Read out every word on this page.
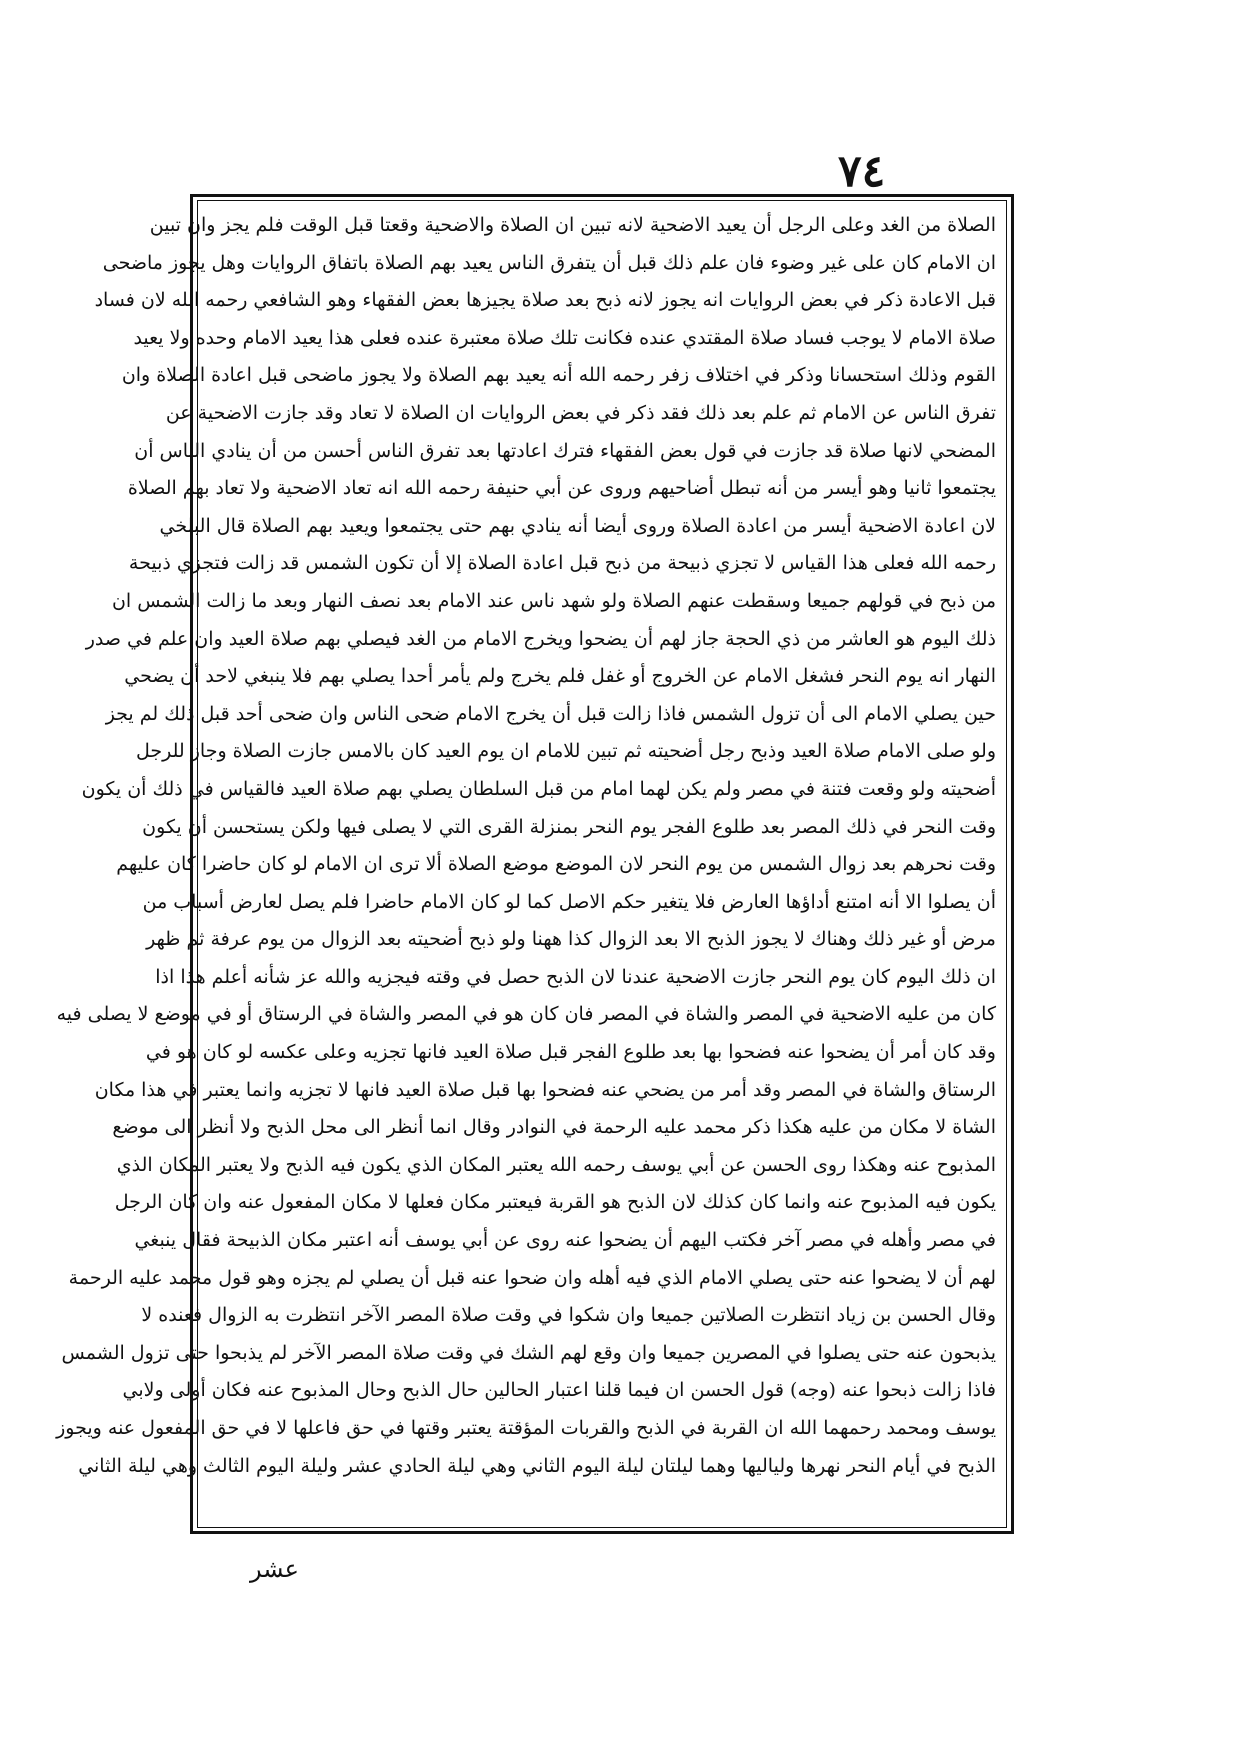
٧٤
الصلاة من الغد وعلى الرجل أن يعيد الاضحية لانه تبين ان الصلاة والاضحية وقعتا قبل الوقت فلم يجز وان تبين
ان الامام كان على غير وضوء فان علم ذلك قبل أن يتفرق الناس يعيد بهم الصلاة باتفاق الروايات وهل يجوز ماضحى
قبل الاعادة ذكر في بعض الروايات انه يجوز لانه ذبح بعد صلاة يجيزها بعض الفقهاء وهو الشافعي رحمه الله لان فساد
صلاة الامام لا يوجب فساد صلاة المقتدي عنده فكانت تلك صلاة معتبرة عنده فعلى هذا يعيد الامام وحده ولا يعيد
القوم وذلك استحسانا وذكر في اختلاف زفر رحمه الله أنه يعيد بهم الصلاة ولا يجوز ماضحى قبل اعادة الصلاة وان
تفرق الناس عن الامام ثم علم بعد ذلك فقد ذكر في بعض الروايات ان الصلاة لا تعاد وقد جازت الاضحية عن
المضحي لانها صلاة قد جازت في قول بعض الفقهاء فترك اعادتها بعد تفرق الناس أحسن من أن ينادي الناس أن
يجتمعوا ثانيا وهو أيسر من أنه تبطل أضاحيهم وروى عن أبي حنيفة رحمه الله انه تعاد الاضحية ولا تعاد بهم الصلاة
لان اعادة الاضحية أيسر من اعادة الصلاة وروى أيضا أنه ينادي بهم حتى يجتمعوا ويعيد بهم الصلاة قال البلخي
رحمه الله فعلى هذا القياس لا تجزي ذبيحة من ذبح قبل اعادة الصلاة إلا أن تكون الشمس قد زالت فتجزي ذبيحة
من ذبح في قولهم جميعا وسقطت عنهم الصلاة ولو شهد ناس عند الامام بعد نصف النهار وبعد ما زالت الشمس ان
ذلك اليوم هو العاشر من ذي الحجة جاز لهم أن يضحوا ويخرج الامام من الغد فيصلي بهم صلاة العيد وان علم في صدر
النهار انه يوم النحر فشغل الامام عن الخروج أو غفل فلم يخرج ولم يأمر أحدا يصلي بهم فلا ينبغي لاحد أن يضحي
حين يصلي الامام الى أن تزول الشمس فاذا زالت قبل أن يخرج الامام ضحى الناس وان ضحى أحد قبل ذلك لم يجز
ولو صلى الامام صلاة العيد وذبح رجل أضحيته ثم تبين للامام ان يوم العيد كان بالامس جازت الصلاة وجاز للرجل
أضحيته ولو وقعت فتنة في مصر ولم يكن لهما امام من قبل السلطان يصلي بهم صلاة العيد فالقياس في ذلك أن يكون
وقت النحر في ذلك المصر بعد طلوع الفجر يوم النحر بمنزلة القرى التي لا يصلى فيها ولكن يستحسن أن يكون
وقت نحرهم بعد زوال الشمس من يوم النحر لان الموضع موضع الصلاة ألا ترى ان الامام لو كان حاضرا كان عليهم
أن يصلوا الا أنه امتنع أداؤها العارض فلا يتغير حكم الاصل كما لو كان الامام حاضرا فلم يصل لعارض أسباب من
مرض أو غير ذلك وهناك لا يجوز الذبح الا بعد الزوال كذا ههنا ولو ذبح أضحيته بعد الزوال من يوم عرفة ثم ظهر
ان ذلك اليوم كان يوم النحر جازت الاضحية عندنا لان الذبح حصل في وقته فيجزيه والله عز شأنه أعلم هذا اذا
كان من عليه الاضحية في المصر والشاة في المصر فان كان هو في المصر والشاة في الرستاق أو في موضع لا يصلى فيه
وقد كان أمر أن يضحوا عنه فضحوا بها بعد طلوع الفجر قبل صلاة العيد فانها تجزيه وعلى عكسه لو كان هو في
الرستاق والشاة في المصر وقد أمر من يضحي عنه فضحوا بها قبل صلاة العيد فانها لا تجزيه وانما يعتبر في هذا مكان
الشاة لا مكان من عليه هكذا ذكر محمد عليه الرحمة في النوادر وقال انما أنظر الى محل الذبح ولا أنظر الى موضع
المذبوح عنه وهكذا روى الحسن عن أبي يوسف رحمه الله يعتبر المكان الذي يكون فيه الذبح ولا يعتبر المكان الذي
يكون فيه المذبوح عنه وانما كان كذلك لان الذبح هو القربة فيعتبر مكان فعلها لا مكان المفعول عنه وان كان الرجل
في مصر وأهله في مصر آخر فكتب اليهم أن يضحوا عنه روى عن أبي يوسف أنه اعتبر مكان الذبيحة فقال ينبغي
لهم أن لا يضحوا عنه حتى يصلي الامام الذي فيه أهله وان ضحوا عنه قبل أن يصلي لم يجزه وهو قول محمد عليه الرحمة
وقال الحسن بن زياد انتظرت الصلاتين جميعا وان شكوا في وقت صلاة المصر الآخر انتظرت به الزوال فعنده لا
يذبحون عنه حتى يصلوا في المصرين جميعا وان وقع لهم الشك في وقت صلاة المصر الآخر لم يذبحوا حتى تزول الشمس
فاذا زالت ذبحوا عنه (وجه) قول الحسن ان فيما قلنا اعتبار الحالين حال الذبح وحال المذبوح عنه فكان أولى ولابي
يوسف ومحمد رحمهما الله ان القربة في الذبح والقربات المؤقتة يعتبر وقتها في حق فاعلها لا في حق المفعول عنه ويجوز
الذبح في أيام النحر نهرها ولياليها وهما ليلتان ليلة اليوم الثاني وهي ليلة الحادي عشر وليلة اليوم الثالث وهي ليلة الثاني
عشر
